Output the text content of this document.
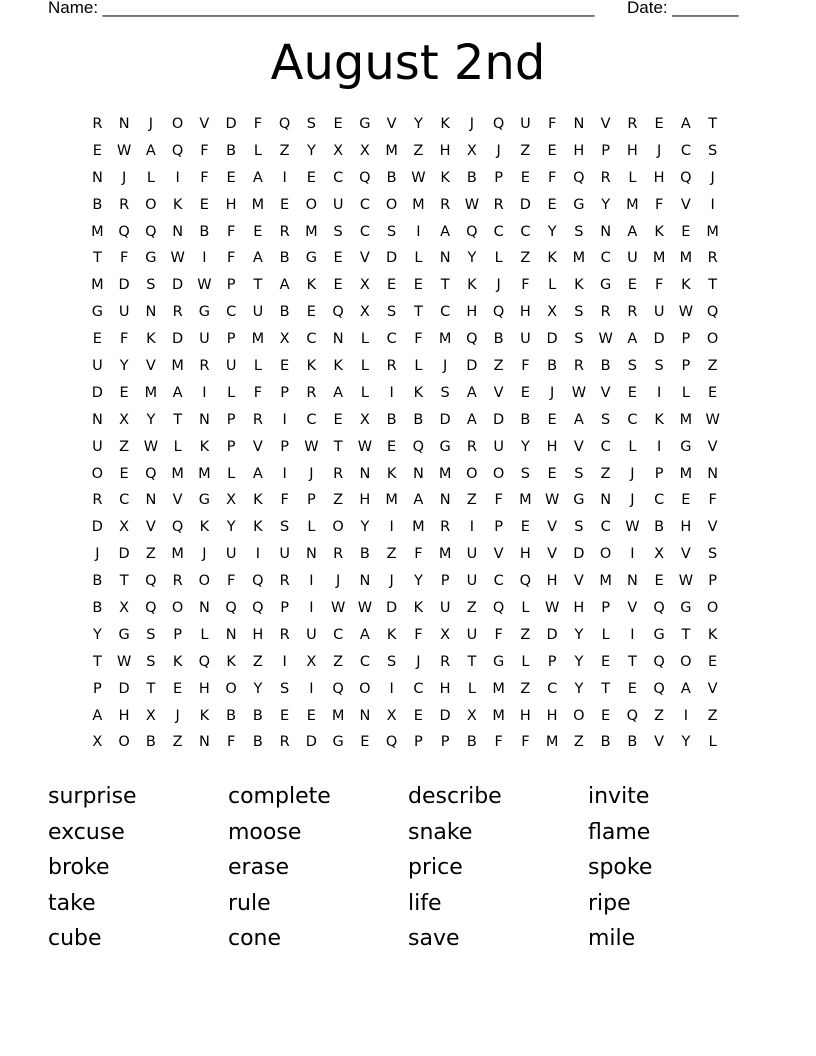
Name: ____________________________________________________ Date: _______
August 2nd
R	N	J	O	V	D	F	Q	S	E	G	V	Y	K	J	Q	U	F	N	V	R	E	A	T
E	W	A	Q	F	B	L	Z	Y	X	X	M	Z	H	X	J	Z	E	H	P	H	J	C	S
N	J	L	I	F	E	A	I	E	C	Q	B	W	K	B	P	E	F	Q	R	L	H	Q	J
B	R	O	K	E	H	M	E	O	U	C	O	M	R	W	R	D	E	G	Y	M	F	V	I
M	Q	Q	N	B	F	E	R	M	S	C	S	I	A	Q	C	C	Y	S	N	A	K	E	M
T	F	G W	I	F	A	B	G	E	V	D	L	N	Y	L	Z	K	M	C	U	M M	R
M	D	S	D W	P	T	A	K	E	X	E	E	T	K	J	F	L	K	G	E	F	K	T
G	U	N	R	G	C	U	B	E	Q	X	S	T	C	H	Q	H	X	S	R	R	U W Q
E	F	K	D	U	P	M	X	C	N	L	C	F	M	Q	B	U	D	S	W	A	D	P	O
U	Y	V	M	R	U	L	E	K	K	L	R	L	J	D	Z	F	B	R	B	S	S	P	Z
D	E	M	A	I	L	F	P	R	A	L	I	K	S	A	V	E	J	W	V	E	I	L	E
N	X	Y	T	N	P	R	I	C	E	X	B	B	D	A	D	B	E	A	S	C	K	M W
U	Z	W	L	K	P	V	P	W	T	W	E	Q	G	R	U	Y	H	V	C	L	I	G	V
O	E	Q	M M	L	A	I	J	R	N	K	N	M	O	O	S	E	S	Z	J	P	M	N
R	C	N	V	G	X	K	F	P	Z	H	M	A	N	Z	F	M W G	N	J	C	E	F
D	X	V	Q	K	Y	K	S	L	O	Y	I	M	R	I	P	E	V	S	C	W	B	H	V
J	D	Z	M	J	U	I	U	N	R	B	Z	F	M	U	V	H	V	D	O	I	X	V	S
B	T	Q	R	O	F	Q	R	I	J	N	J	Y	P	U	C	Q	H	V	M	N	E	W	P
B	X	Q	O	N	Q	Q	P	I	W W D	K	U	Z	Q	L	W H	P	V	Q	G	O
Y	G	S	P	L	N	H	R	U	C	A	K	F	X	U	F	Z	D	Y	L	I	G	T	K
T	W	S	K	Q	K	Z	I	X	Z	C	S	J	R	T	G	L	P	Y	E	T	Q	O	E
P	D	T	E	H	O	Y	S	I	Q	O	I	C	H	L	M	Z	C	Y	T	E	Q	A	V
A	H	X	J	K	B	B	E	E	M	N	X	E	D	X	M	H	H	O	E	Q	Z	I	Z
X	O	B	Z	N	F	B	R	D	G	E	Q	P	P	B	F	F	M	Z	B	B	V	Y	L
surprise	complete	describe	invite
excuse	moose	snake	flame
broke	erase	price	spoke
take	rule	life	ripe
cube	cone	save	mile
